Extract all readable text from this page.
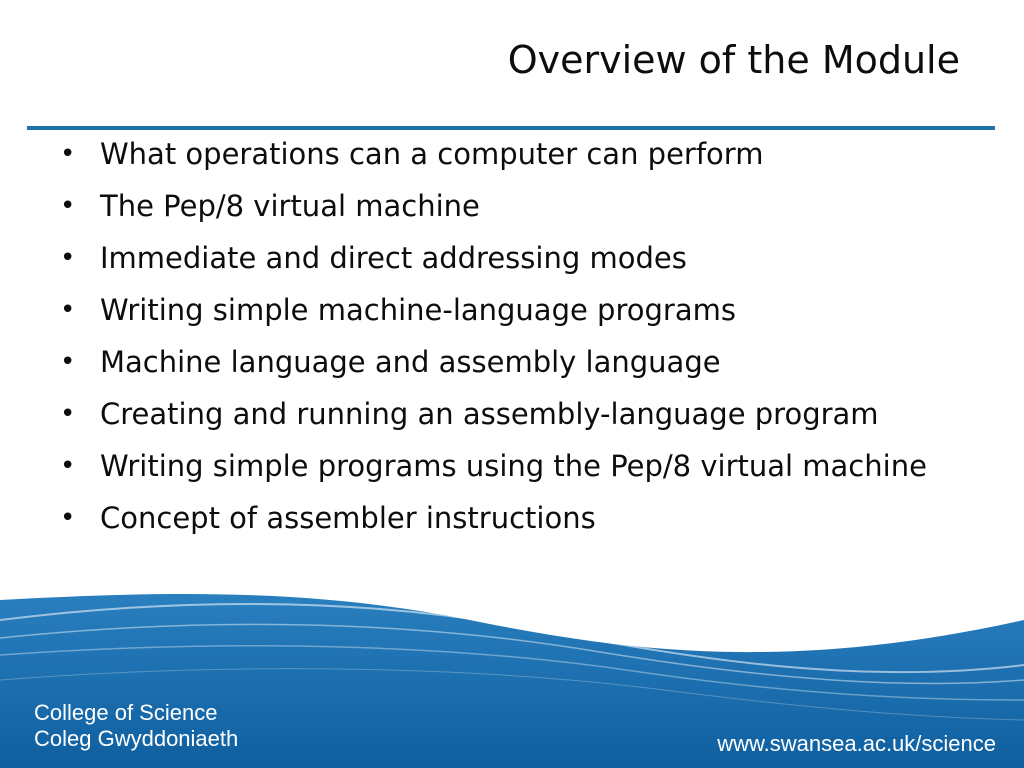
Overview of the Module
• What operations can a computer can perform
• The Pep/8 virtual machine
• Immediate and direct addressing modes
• Writing simple machine-language programs
• Machine language and assembly language
• Creating and running an assembly-language program
• Writing simple programs using the Pep/8 virtual machine
• Concept of assembler instructions
College of Science
Coleg Gwyddoniaeth	www.swansea.ac.uk/science
